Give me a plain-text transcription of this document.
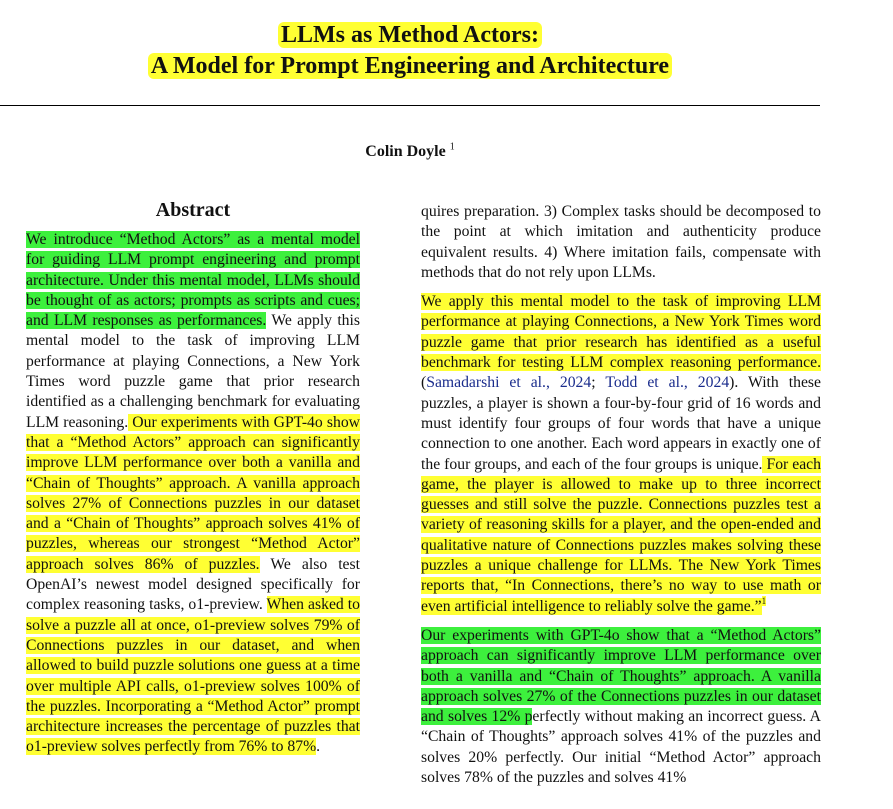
LLMs as Method Actors:
A Model for Prompt Engineering and Architecture
Colin Doyle $^1$
Abstract

We introduce “Method Actors” as a mental model for guiding LLM prompt engineering and prompt architecture. Under this mental model, LLMs should be thought of as actors; prompts as scripts and cues; and LLM responses as performances. We apply this mental model to the task of improving LLM performance at playing Connections, a New York Times word puzzle game that prior research identified as a challenging benchmark for evaluating LLM reasoning. Our experiments with GPT-4o show that a “Method Actors” approach can significantly improve LLM performance over both a vanilla and “Chain of Thoughts” approach. A vanilla approach solves 27% of Connections puzzles in our dataset and a “Chain of Thoughts” approach solves 41% of puzzles, whereas our strongest “Method Actor” approach solves 86% of puzzles. We also test OpenAI’s newest model designed specifically for complex reasoning tasks, o1-preview. When asked to solve a puzzle all at once, o1-preview solves 79% of Connections puzzles in our dataset, and when allowed to build puzzle solutions one guess at a time over multiple API calls, o1-preview solves 100% of the puzzles. Incorporating a “Method Actor” prompt architecture increases the percentage of puzzles that o1-preview solves perfectly from 76% to 87%.

quires preparation. 3) Complex tasks should be decomposed to the point at which imitation and authenticity produce equivalent results. 4) Where imitation fails, compensate with methods that do not rely upon LLMs.

We apply this mental model to the task of improving LLM performance at playing Connections, a New York Times word puzzle game that prior research has identified as a useful benchmark for testing LLM complex reasoning performance. (Samadarshi et al., 2024; Todd et al., 2024). With these puzzles, a player is shown a four-by-four grid of 16 words and must identify four groups of four words that have a unique connection to one another. Each word appears in exactly one of the four groups, and each of the four groups is unique. For each game, the player is allowed to make up to three incorrect guesses and still solve the puzzle. Connections puzzles test a variety of reasoning skills for a player, and the open-ended and qualitative nature of Connections puzzles makes solving these puzzles a unique challenge for LLMs. The New York Times reports that, “In Connections, there’s no way to use math or even artificial intelligence to reliably solve the game.”$^1$

Our experiments with GPT-4o show that a “Method Actors” approach can significantly improve LLM performance over both a vanilla and “Chain of Thoughts” approach. A vanilla approach solves 27% of the Connections puzzles in our dataset and solves 12% perfectly without making an incorrect guess. A “Chain of Thoughts” approach solves 41% of the puzzles and solves 20% perfectly. Our initial “Method Actor” approach solves 78% of the puzzles and solves 41%
